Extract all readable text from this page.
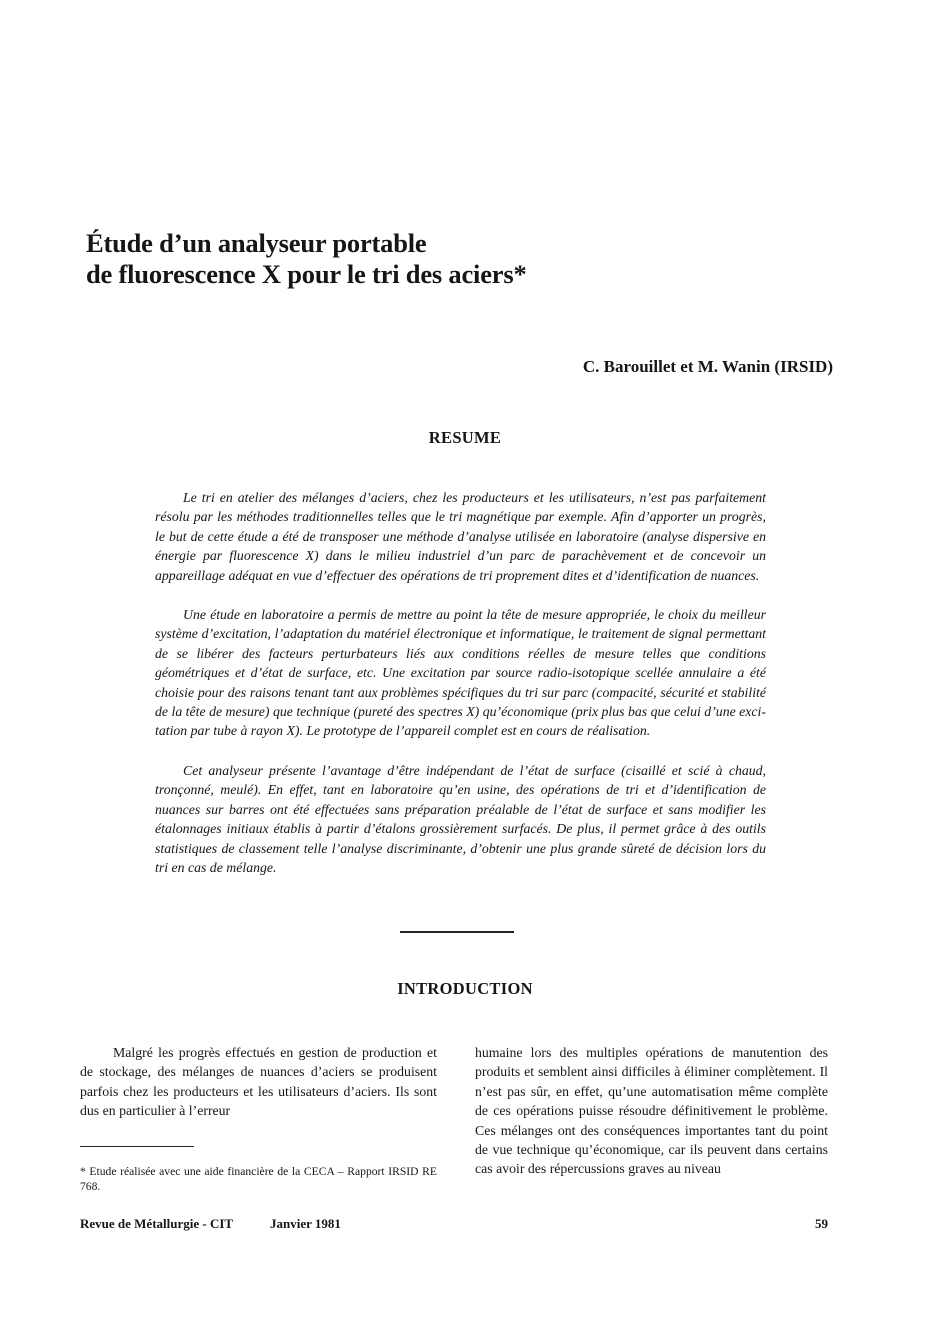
Étude d’un analyseur portable
de fluorescence X pour le tri des aciers*
C. Barouillet et M. Wanin (IRSID)
RESUME

Le tri en atelier des mélanges d’aciers, chez les producteurs et les utilisateurs, n’est pas parfaitement résolu par les méthodes traditionnelles telles que le tri magnétique par exemple. Afin d’apporter un progrès, le but de cette étude a été de transposer une méthode d’analyse utilisée en laboratoire (analyse dispersive en énergie par fluorescence X) dans le milieu industriel d’un parc de parachèvement et de concevoir un appareillage adéquat en vue d’effectuer des opérations de tri proprement dites et d’identification de nuances.

Une étude en laboratoire a permis de mettre au point la tête de mesure appropriée, le choix du meilleur système d’excitation, l’adaptation du matériel électronique et informatique, le traitement de signal permettant de se libérer des facteurs perturbateurs liés aux conditions réelles de mesure telles que conditions géométriques et d’état de surface, etc. Une excitation par source radio-isotopique scellée annulaire a été choisie pour des raisons tenant tant aux problèmes spécifiques du tri sur parc (compacité, sécurité et stabilité de la tête de mesure) que technique (pureté des spectres X) qu’économique (prix plus bas que celui d’une excitation par tube à rayon X). Le prototype de l’appareil complet est en cours de réalisation.

Cet analyseur présente l’avantage d’être indépendant de l’état de surface (cisaillé et scié à chaud, tronçonné, meulé). En effet, tant en laboratoire qu’en usine, des opérations de tri et d’identification de nuances sur barres ont été effectuées sans préparation préalable de l’état de surface et sans modifier les étalonnages initiaux établis à partir d’étalons grossièrement surfacés. De plus, il permet grâce à des outils statistiques de classement telle l’analyse discriminante, d’obtenir une plus grande sûreté de décision lors du tri en cas de mélange.

INTRODUCTION

Malgré les progrès effectués en gestion de production et de stockage, des mélanges de nuances d’aciers se produisent parfois chez les producteurs et les utilisateurs d’aciers. Ils sont dus en particulier à l’erreur

humaine lors des multiples opérations de manutention des produits et semblent ainsi difficiles à éliminer complètement. Il n’est pas sûr, en effet, qu’une automatisation même complète de ces opérations puisse résoudre définitivement le problème. Ces mélanges ont des conséquences importantes tant du point de vue technique qu’économique, car ils peuvent dans certains cas avoir des répercussions graves au niveau

* Etude réalisée avec une aide financière de la CECA – Rapport IRSID RE 768.
Revue de Métallurgie - CIT	Janvier 1981	59
